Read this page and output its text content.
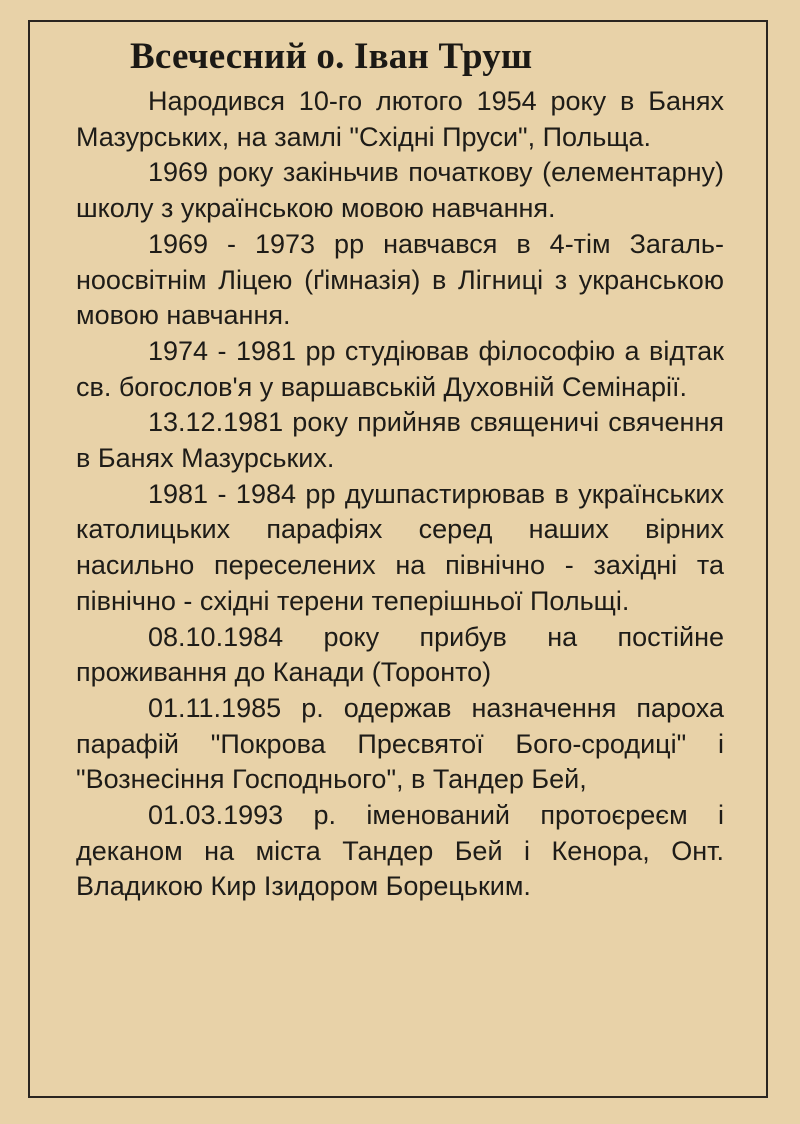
Всечесний о. Іван Труш

Народився 10-го лютого 1954 року в Банях Мазурських, на замлі "Східні Пруси", Польща.

1969 року закіньчив початкову (елементарну) школу з українською мовою навчання.

1969 - 1973 рр навчався в 4-тім Загаль-ноосвітнім Ліцею (ґімназія) в Лігниці з укранською мовою навчання.

1974 - 1981 рр студіював філософію а відтак св. богослов'я у варшавській Духовній Семінарії.

13.12.1981 року прийняв священичі свячення в Банях Мазурських.

1981 - 1984 рр душпастирював в українських католицьких парафіях серед наших вірних насильно переселених на північно - західні та північно - східні терени теперішньої Польщі.

08.10.1984 року прибув на постійне проживання до Канади (Торонто)

01.11.1985 р. одержав назначення пароха парафій "Покрова Пресвятої Бого-сродиці" і "Вознесіння Господнього", в Тандер Бей,

01.03.1993 р. іменований протоєреєм і деканом на міста Тандер Бей і Кенора, Онт. Владикою Кир Ізидором Борецьким.
